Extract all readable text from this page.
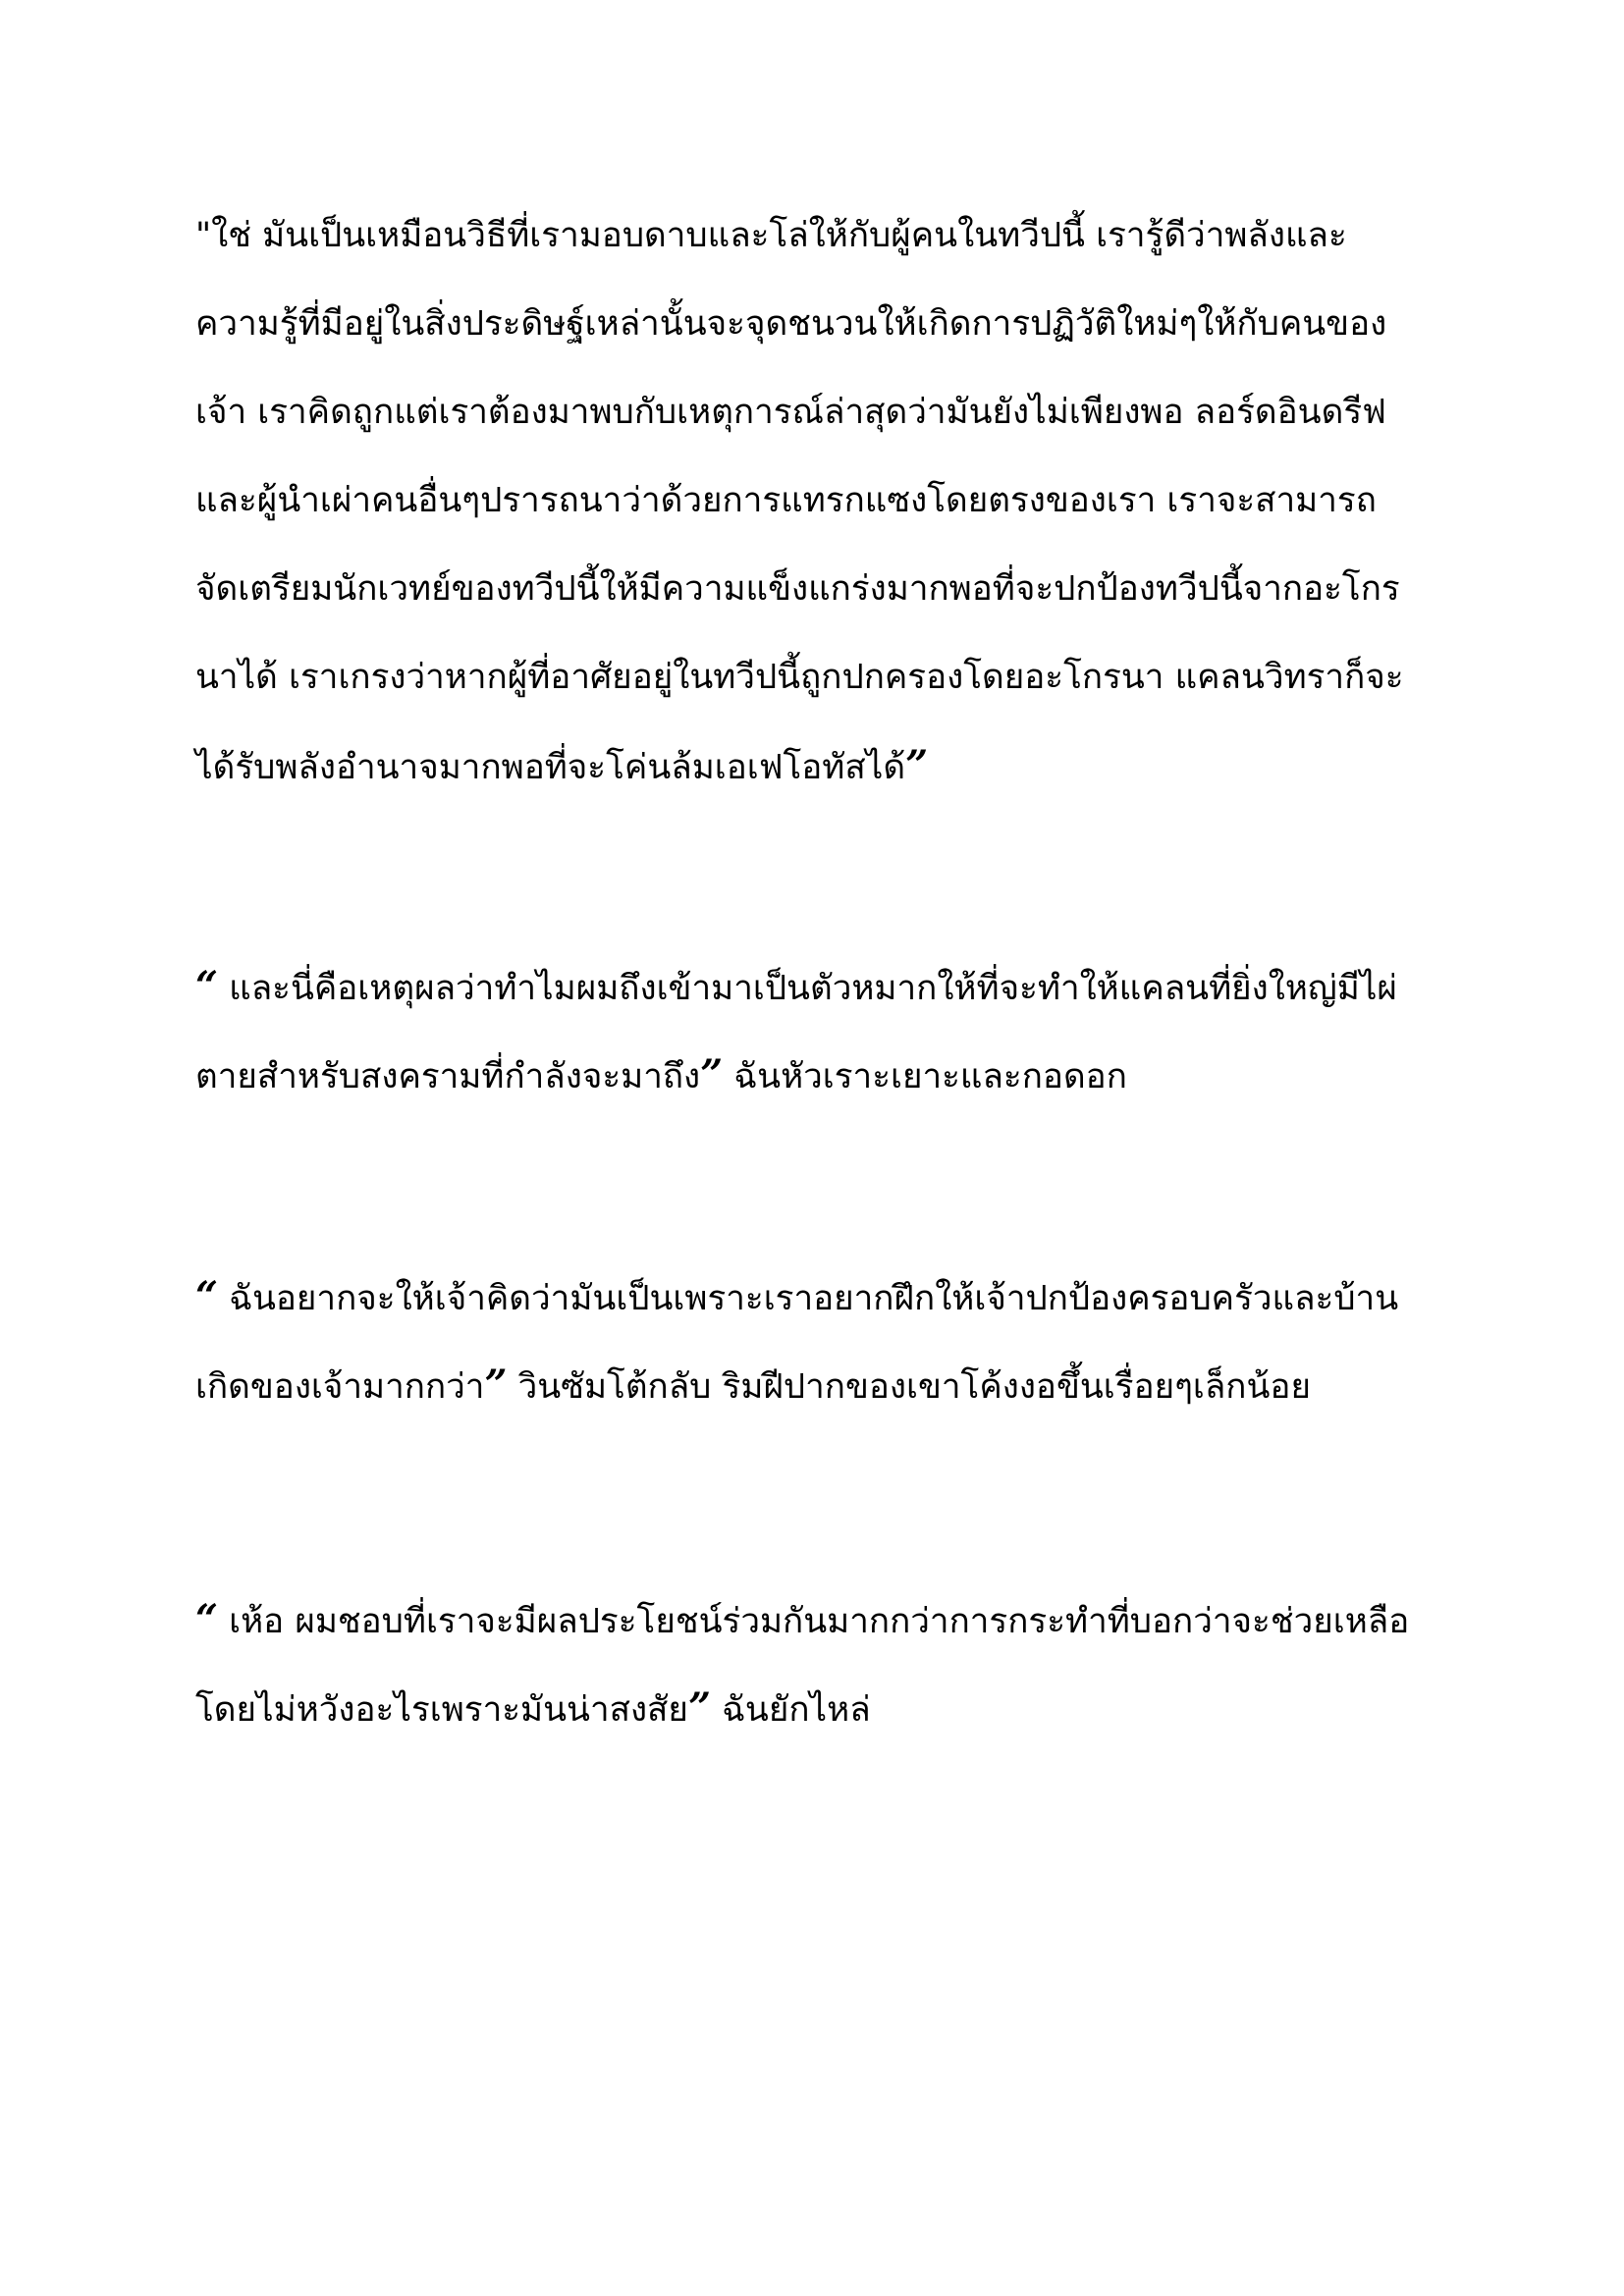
"ใช่ มันเป็นเหมือนวิธีที่เรามอบดาบและโล่ให้กับผู้คนในทวีปนี้ เรารู้ดีว่าพลังและ
ความรู้ที่มีอยู่ในสิ่งประดิษฐ์เหล่านั้นจะจุดชนวนให้เกิดการปฏิวัติใหม่ๆให้กับคนของ
เจ้า เราคิดถูกแต่เราต้องมาพบกับเหตุการณ์ล่าสุดว่ามันยังไม่เพียงพอ ลอร์ดอินดรีฟ
และผู้นำเผ่าคนอื่นๆปรารถนาว่าด้วยการแทรกแซงโดยตรงของเรา เราจะสามารถ
จัดเตรียมนักเวทย์ของทวีปนี้ให้มีความแข็งแกร่งมากพอที่จะปกป้องทวีปนี้จากอะโกร
นาได้ เราเกรงว่าหากผู้ที่อาศัยอยู่ในทวีปนี้ถูกปกครองโดยอะโกรนา แคลนวิทราก็จะ
ได้รับพลังอำนาจมากพอที่จะโค่นล้มเอเฟโอทัสได้”
“ และนี่คือเหตุผลว่าทำไมผมถึงเข้ามาเป็นตัวหมากให้ที่จะทำให้แคลนที่ยิ่งใหญ่มีไผ่
ตายสำหรับสงครามที่กำลังจะมาถึง” ฉันหัวเราะเยาะและกอดอก
“ ฉันอยากจะให้เจ้าคิดว่ามันเป็นเพราะเราอยากฝึกให้เจ้าปกป้องครอบครัวและบ้าน
เกิดของเจ้ามากกว่า” วินซัมโต้กลับ ริมฝีปากของเขาโค้งงอขึ้นเรื่อยๆเล็กน้อย
“ เห้อ ผมชอบที่เราจะมีผลประโยชน์ร่วมกันมากกว่าการกระทำที่บอกว่าจะช่วยเหลือ
โดยไม่หวังอะไรเพราะมันน่าสงสัย” ฉันยักไหล่
